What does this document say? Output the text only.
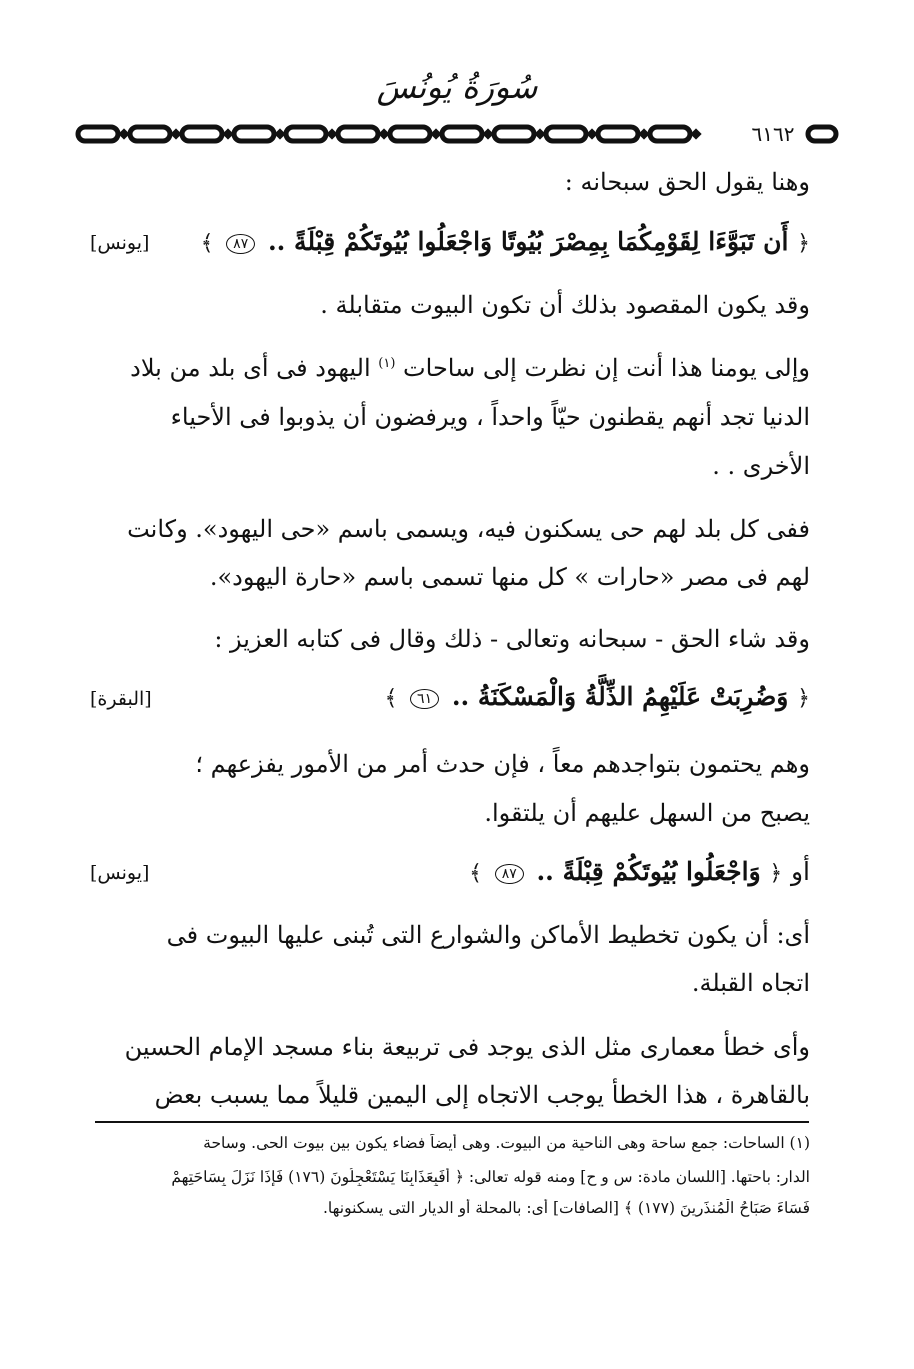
سُورَةُ يُونُسَ
٦١٦٢
وهنا يقول الحق سبحانه :
﴿ أَن تَبَوَّءَا لِقَوْمِكُمَا بِمِصْرَ بُيُوتًا وَاجْعَلُوا بُيُوتَكُمْ قِبْلَةً .. ٨٧ ﴾
[يونس]
وقد يكون المقصود بذلك أن تكون البيوت متقابلة .
وإلى يومنا هذا أنت إن نظرت إلى ساحات $^{(١)}$ اليهود فى أى بلد من بلاد
الدنيا تجد أنهم يقطنون حيّاً واحداً ، ويرفضون أن يذوبوا فى الأحياء
الأخرى . .
ففى كل بلد لهم حى يسكنون فيه، ويسمى باسم «حى اليهود». وكانت
لهم فى مصر «حارات » كل منها تسمى باسم «حارة اليهود».
وقد شاء الحق - سبحانه وتعالى - ذلك وقال فى كتابه العزيز :
﴿ وَضُرِبَتْ عَلَيْهِمُ الذِّلَّةُ وَالْمَسْكَنَةُ .. ٦١ ﴾
[البقرة]
وهم يحتمون بتواجدهم معاً ، فإن حدث أمر من الأمور يفزعهم ؛
يصبح من السهل عليهم أن يلتقوا.
أو ﴿ وَاجْعَلُوا بُيُوتَكُمْ قِبْلَةً .. ٨٧ ﴾
[يونس]
أى: أن يكون تخطيط الأماكن والشوارع التى تُبنى عليها البيوت فى
اتجاه القبلة.
وأى خطأ معمارى مثل الذى يوجد فى تربيعة بناء مسجد الإمام الحسين
بالقاهرة ، هذا الخطأ يوجب الاتجاه إلى اليمين قليلاً مما يسبب بعض
(١) الساحات: جمع ساحة وهى الناحية من البيوت. وهى أيضاً فضاء يكون بين بيوت الحى. وساحة
الدار: باحتها. [اللسان مادة: س و ح] ومنه قوله تعالى: ﴿ أَفَبِعَذَابِنَا يَسْتَعْجِلُونَ (١٧٦) فَإِذَا نَزَلَ بِسَاحَتِهِمْ
فَسَاءَ صَبَاحُ الْمُنذَرِينَ (١٧٧) ﴾ [الصافات] أى: بالمحلة أو الديار التى يسكنونها.
